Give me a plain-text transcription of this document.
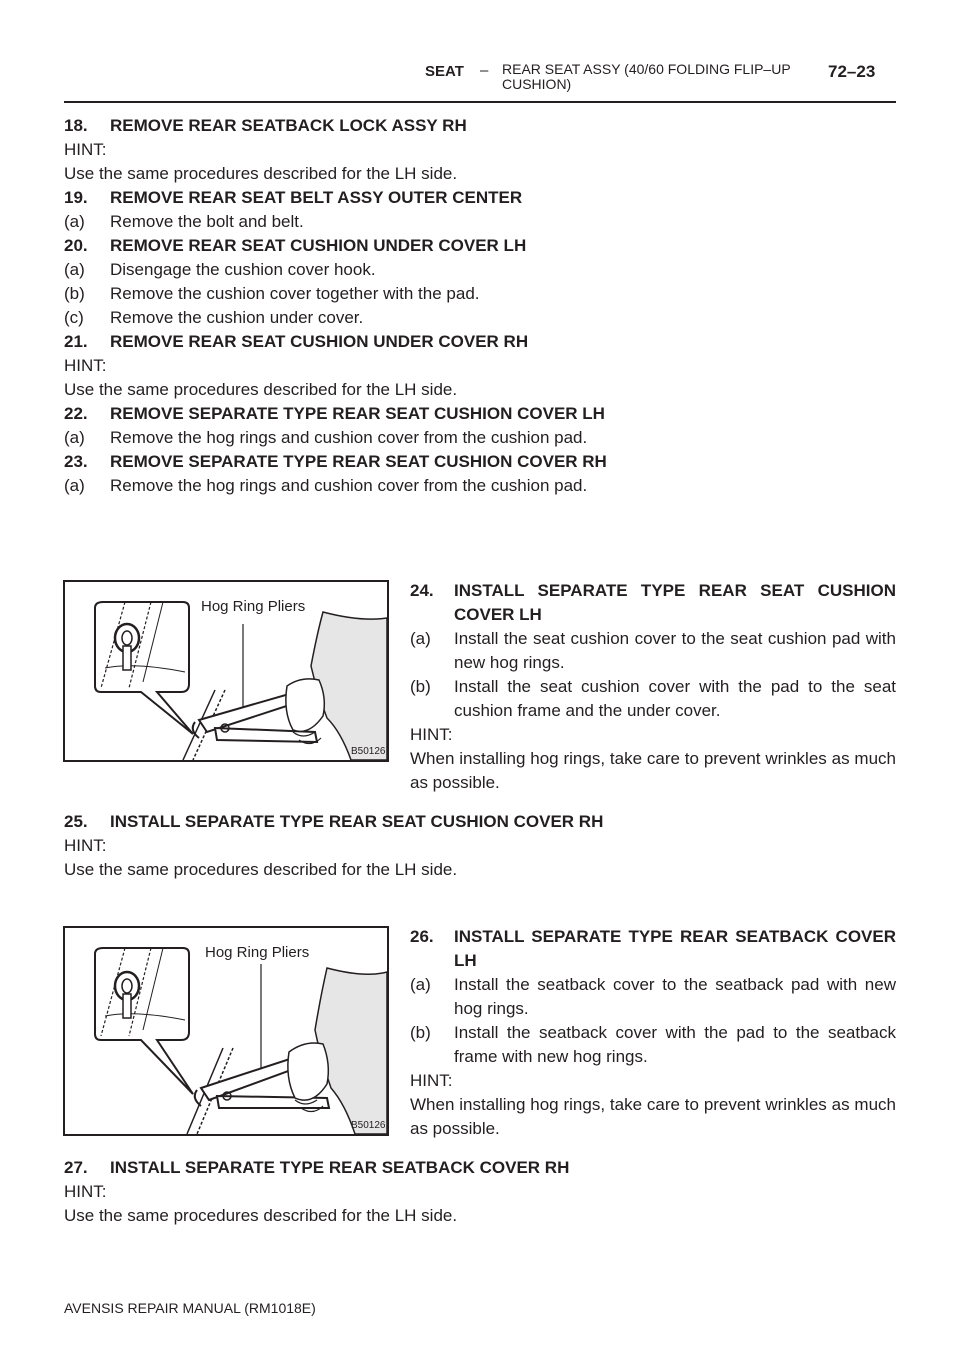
SEAT – REAR SEAT ASSY (40/60 FOLDING FLIP–UP
CUSHION)
72–23
18. REMOVE REAR SEATBACK LOCK ASSY RH
HINT:
Use the same procedures described for the LH side.
19. REMOVE REAR SEAT BELT ASSY OUTER CENTER
(a) Remove the bolt and belt.
20. REMOVE REAR SEAT CUSHION UNDER COVER LH
(a) Disengage the cushion cover hook.
(b) Remove the cushion cover together with the pad.
(c) Remove the cushion under cover.
21. REMOVE REAR SEAT CUSHION UNDER COVER RH
HINT:
Use the same procedures described for the LH side.
22. REMOVE SEPARATE TYPE REAR SEAT CUSHION COVER LH
(a) Remove the hog rings and cushion cover from the cushion pad.
23. REMOVE SEPARATE TYPE REAR SEAT CUSHION COVER RH
(a) Remove the hog rings and cushion cover from the cushion pad.
Hog Ring Pliers
B50126
24.	INSTALL SEPARATE TYPE REAR SEAT CUSHION COVER LH
(a)	Install the seat cushion cover to the seat cushion pad with new hog rings.
(b)	Install the seat cushion cover with the pad to the seat cushion frame and the under cover.
HINT:
When installing hog rings, take care to prevent wrinkles as much as possible.
25. INSTALL SEPARATE TYPE REAR SEAT CUSHION COVER RH
HINT:
Use the same procedures described for the LH side.
Hog Ring Pliers
B50126
26.	INSTALL SEPARATE TYPE REAR SEATBACK COVER LH
(a)	Install the seatback cover to the seatback pad with new hog rings.
(b)	Install the seatback cover with the pad to the seatback frame with new hog rings.
HINT:
When installing hog rings, take care to prevent wrinkles as much as possible.
27. INSTALL SEPARATE TYPE REAR SEATBACK COVER RH
HINT:
Use the same procedures described for the LH side.
AVENSIS REPAIR MANUAL (RM1018E)
